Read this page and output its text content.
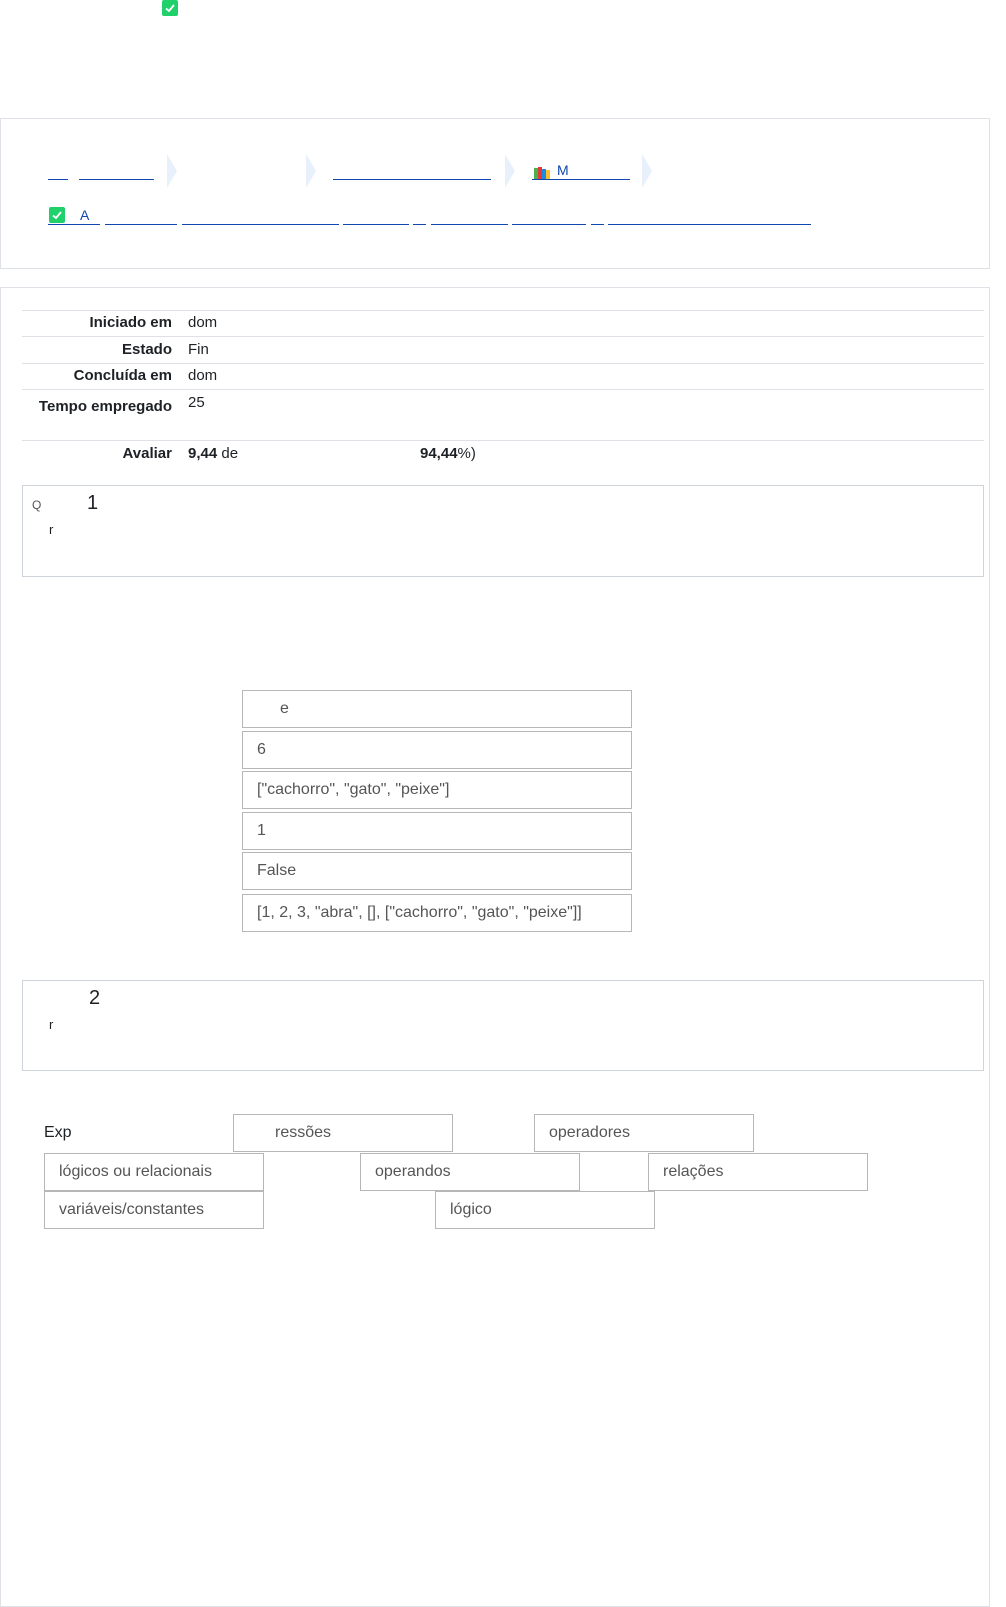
M
A
Iniciado em dom
Estado Fin
Concluída em dom
Tempo empregado 25
Avaliar 9,44 de	94,44%)
Q 1
r
e
6
["cachorro", "gato", "peixe"]
1
False
[1, 2, 3, "abra", [], ["cachorro", "gato", "peixe"]]
2
r
Exp	ressões	operadores
lógicos ou relacionais	operandos	relações
variáveis/constantes	lógico
